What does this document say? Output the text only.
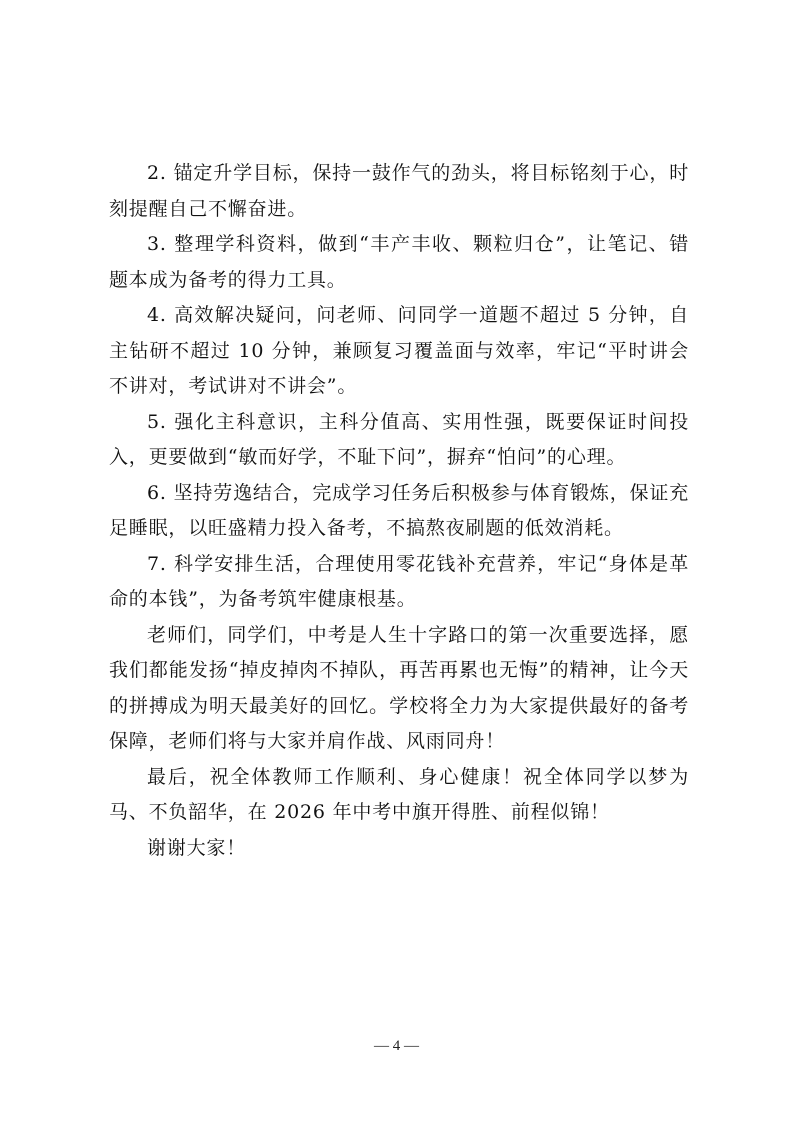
2. 锚定升学目标，保持一鼓作气的劲头，将目标铭刻于心，时刻提醒自己不懈奋进。

3. 整理学科资料，做到“丰产丰收、颗粒归仓”，让笔记、错题本成为备考的得力工具。

4. 高效解决疑问，问老师、问同学一道题不超过 5 分钟，自主钻研不超过 10 分钟，兼顾复习覆盖面与效率，牢记“平时讲会不讲对，考试讲对不讲会”。

5. 强化主科意识，主科分值高、实用性强，既要保证时间投入，更要做到“敏而好学，不耻下问”，摒弃“怕问”的心理。

6. 坚持劳逸结合，完成学习任务后积极参与体育锻炼，保证充足睡眠，以旺盛精力投入备考，不搞熬夜刷题的低效消耗。

7. 科学安排生活，合理使用零花钱补充营养，牢记“身体是革命的本钱”，为备考筑牢健康根基。

老师们，同学们，中考是人生十字路口的第一次重要选择，愿我们都能发扬“掉皮掉肉不掉队，再苦再累也无悔”的精神，让今天的拼搏成为明天最美好的回忆。学校将全力为大家提供最好的备考保障，老师们将与大家并肩作战、风雨同舟！

最后，祝全体教师工作顺利、身心健康！祝全体同学以梦为马、不负韶华，在 2026 年中考中旗开得胜、前程似锦！

谢谢大家！

— 4 —
